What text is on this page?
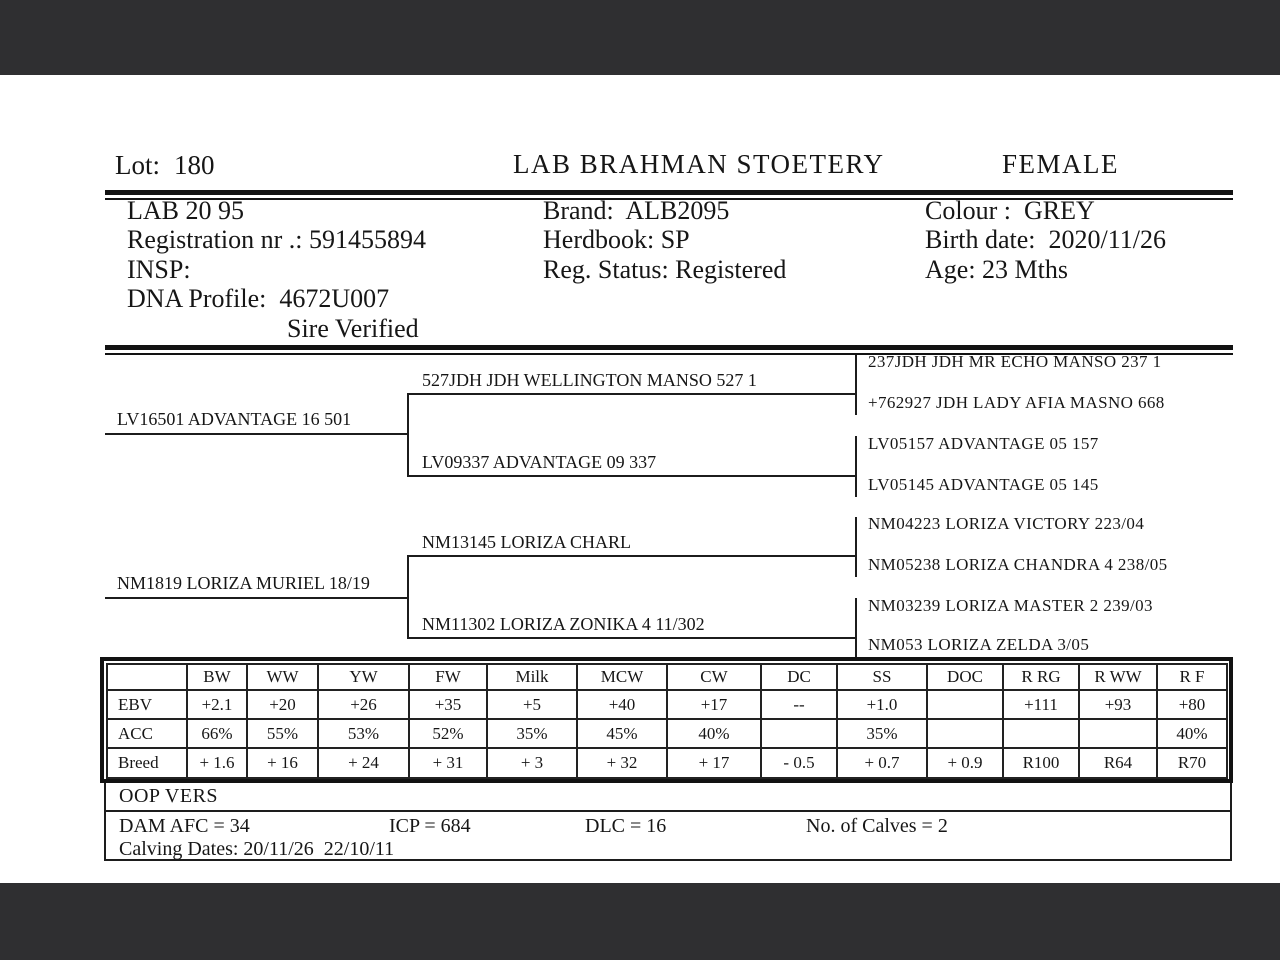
Lot: 180	LAB BRAHMAN STOETERY	FEMALE
LAB 20 95
Registration nr .: 591455894
INSP:
DNA Profile:  4672U007
Sire Verified
Brand:  ALB2095
Herdbook: SP
Reg. Status: Registered
Colour :  GREY
Birth date:  2020/11/26
Age: 23 Mths
LV16501 ADVANTAGE 16 501
NM1819 LORIZA MURIEL 18/19
527JDH JDH WELLINGTON MANSO 527 1
LV09337 ADVANTAGE 09 337
NM13145 LORIZA CHARL
NM11302 LORIZA ZONIKA 4 11/302
237JDH JDH MR ECHO MANSO 237 1
+762927 JDH LADY AFIA MASNO 668
LV05157 ADVANTAGE 05 157
LV05145 ADVANTAGE 05 145
NM04223 LORIZA VICTORY 223/04
NM05238 LORIZA CHANDRA 4 238/05
NM03239 LORIZA MASTER 2 239/03
NM053 LORIZA ZELDA 3/05
	BW	WW	YW	FW	Milk	MCW	CW	DC	SS	DOC	R RG	R WW	R F
EBV	+2.1	+20	+26	+35	+5	+40	+17	--	+1.0		+111	+93	+80
ACC	66%	55%	53%	52%	35%	45%	40%		35%				40%
Breed	+ 1.6	+ 16	+ 24	+ 31	+ 3	+ 32	+ 17	- 0.5	+ 0.7	+ 0.9	R100	R64	R70
OOP VERS
DAM AFC = 34	ICP = 684	DLC = 16	No. of Calves = 2
Calving Dates: 20/11/26  22/10/11
